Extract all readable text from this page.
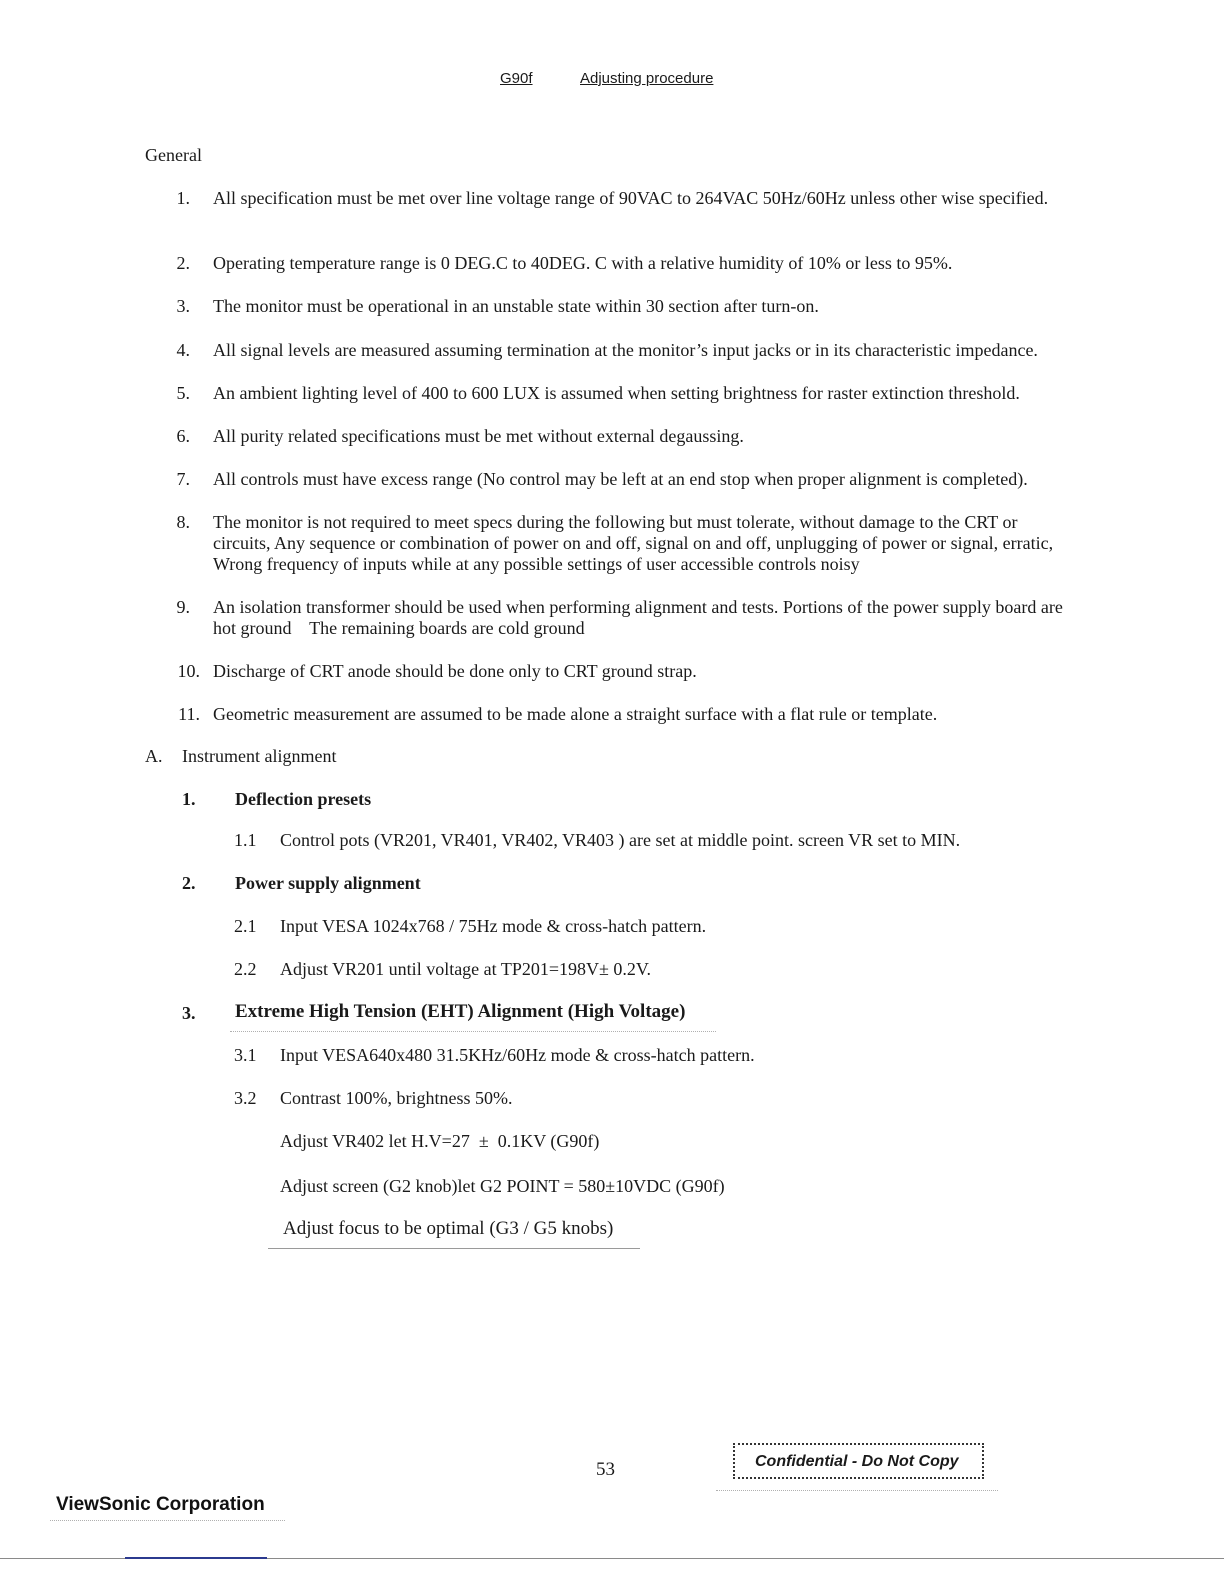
G90f	Adjusting procedure
General
1. All specification must be met over line voltage range of 90VAC to 264VAC 50Hz/60Hz unless other wise specified.
2. Operating temperature range is 0 DEG.C to 40DEG. C with a relative humidity of 10% or less to 95%.
3. The monitor must be operational in an unstable state within 30 section after turn-on.
4. All signal levels are measured assuming termination at the monitor’s input jacks or in its characteristic impedance.
5. An ambient lighting level of 400 to 600 LUX is assumed when setting brightness for raster extinction threshold.
6. All purity related specifications must be met without external degaussing.
7. All controls must have excess range (No control may be left at an end stop when proper alignment is completed).
8. The monitor is not required to meet specs during the following but must tolerate, without damage to the CRT or circuits, Any sequence or combination of power on and off, signal on and off, unplugging of power or signal, erratic, Wrong frequency of inputs while at any possible settings of user accessible controls noisy
9. An isolation transformer should be used when performing alignment and tests. Portions of the power supply board are hot ground    The remaining boards are cold ground
10. Discharge of CRT anode should be done only to CRT ground strap.
11. Geometric measurement are assumed to be made alone a straight surface with a flat rule or template.
A. Instrument alignment
1. Deflection presets
1.1 Control pots (VR201, VR401, VR402, VR403 ) are set at middle point. screen VR set to MIN.
2. Power supply alignment
2.1 Input VESA 1024x768 / 75Hz mode & cross-hatch pattern.
2.2 Adjust VR201 until voltage at TP201=198V± 0.2V.
3. Extreme High Tension (EHT) Alignment (High Voltage)
3.1 Input VESA640x480 31.5KHz/60Hz mode & cross-hatch pattern.
3.2 Contrast 100%, brightness 50%.
Adjust VR402 let H.V=27  ±  0.1KV (G90f)
Adjust screen (G2 knob)let G2 POINT = 580±10VDC (G90f)
Adjust focus to be optimal (G3 / G5 knobs)
53	Confidential - Do Not Copy
ViewSonic Corporation
